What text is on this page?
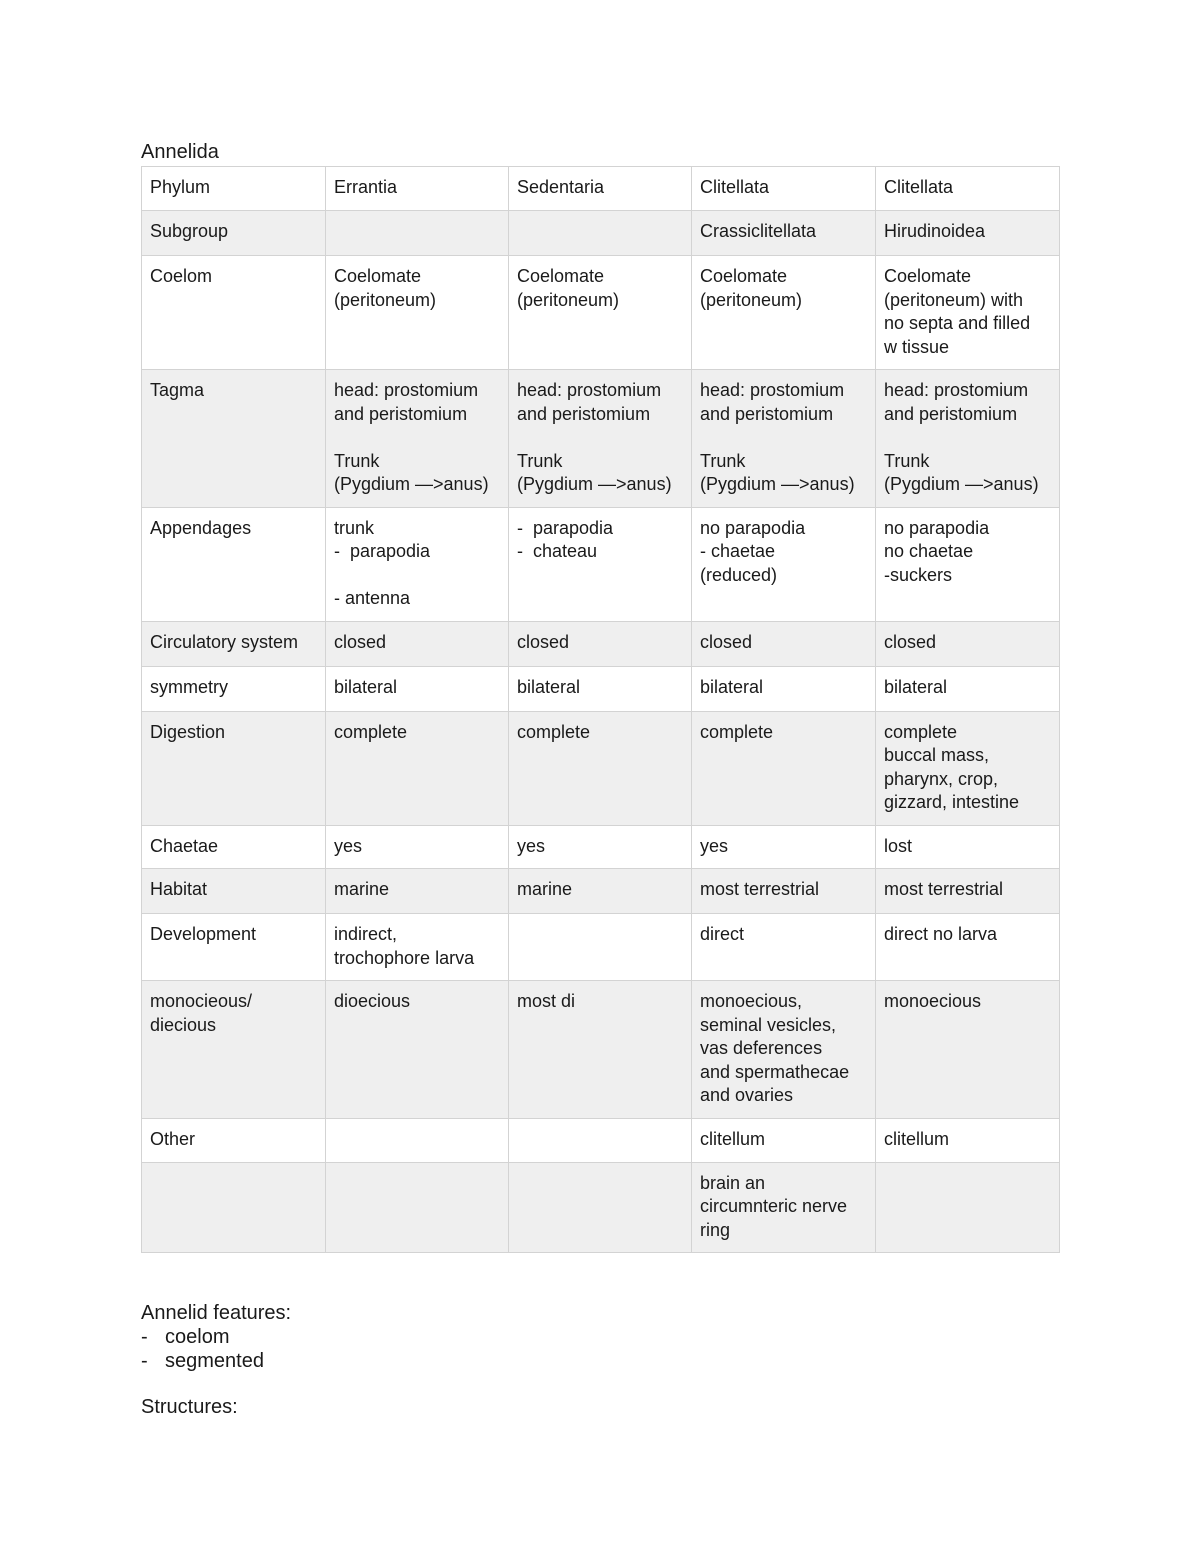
Annelida

Phylum	Errantia	Sedentaria	Clitellata	Clitellata
Subgroup			Crassiclitellata	Hirudinoidea
Coelom	Coelomate
(peritoneum)	Coelomate
(peritoneum)	Coelomate
(peritoneum)	Coelomate
(peritoneum) with
no septa and filled
w tissue
Tagma	head: prostomium
and peristomium

Trunk
(Pygdium —>anus)	head: prostomium
and peristomium

Trunk
(Pygdium —>anus)	head: prostomium
and peristomium

Trunk
(Pygdium —>anus)	head: prostomium
and peristomium

Trunk
(Pygdium —>anus)
Appendages	trunk
-  parapodia

- antenna	-  parapodia
-  chateau	no parapodia
- chaetae
(reduced)	no parapodia
no chaetae
-suckers
Circulatory system	closed	closed	closed	closed
symmetry	bilateral	bilateral	bilateral	bilateral
Digestion	complete	complete	complete	complete
buccal mass,
pharynx, crop,
gizzard, intestine
Chaetae	yes	yes	yes	lost
Habitat	marine	marine	most terrestrial	most terrestrial
Development	indirect,
trochophore larva		direct	direct no larva
monocieous/
diecious	dioecious	most di	monoecious,
seminal vesicles,
vas deferences
and spermathecae
and ovaries	monoecious
Other			clitellum	clitellum
			brain an
circumnteric nerve
ring	
Annelid features:
- coelom
- segmented
Structures:
